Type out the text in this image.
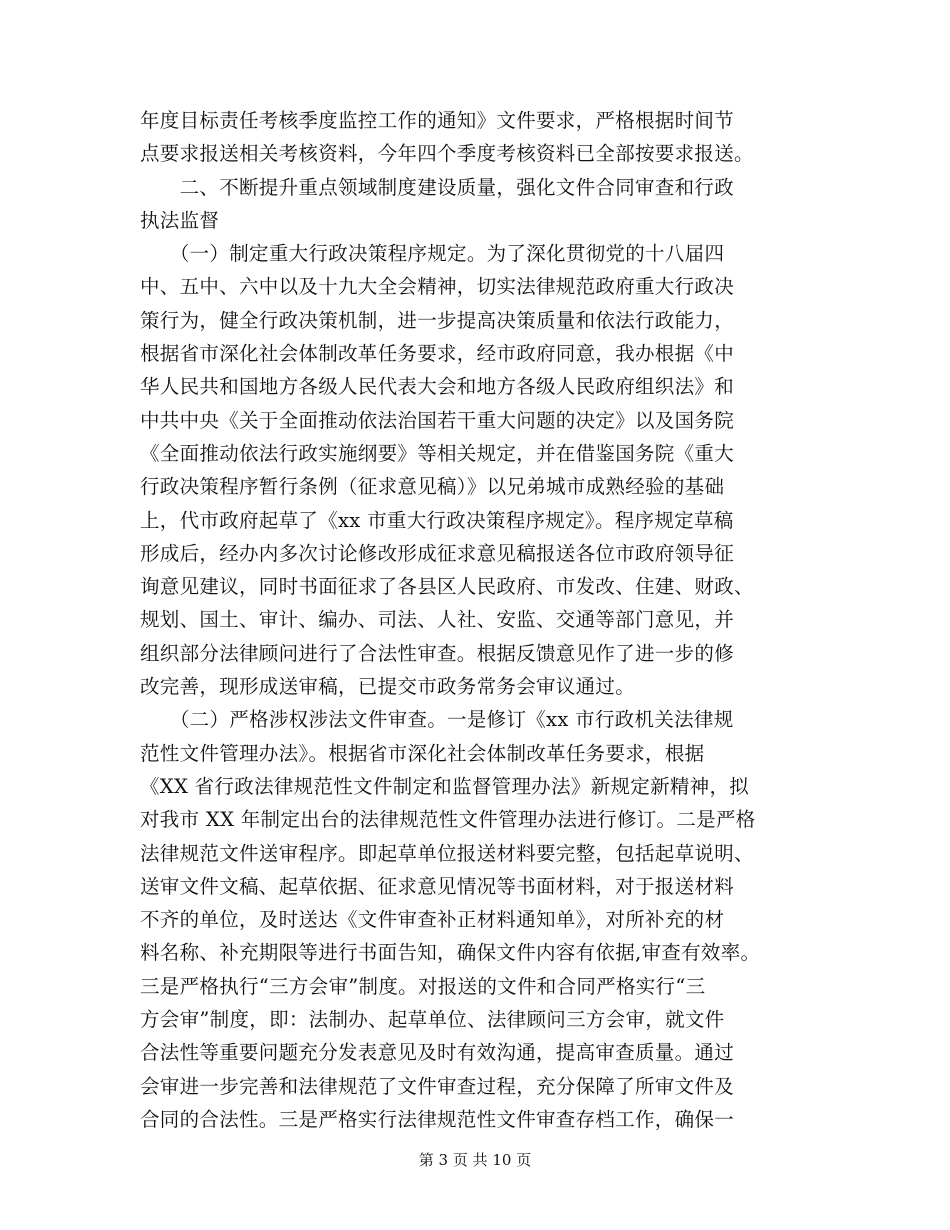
年度目标责任考核季度监控工作的通知》文件要求，严格根据时间节
点要求报送相关考核资料，今年四个季度考核资料已全部按要求报送。
　　二、不断提升重点领域制度建设质量，强化文件合同审查和行政
执法监督
　　（一）制定重大行政决策程序规定。为了深化贯彻党的十八届四
中、五中、六中以及十九大全会精神，切实法律规范政府重大行政决
策行为，健全行政决策机制，进一步提高决策质量和依法行政能力，
根据省市深化社会体制改革任务要求，经市政府同意，我办根据《中
华人民共和国地方各级人民代表大会和地方各级人民政府组织法》和
中共中央《关于全面推动依法治国若干重大问题的决定》以及国务院
《全面推动依法行政实施纲要》等相关规定，并在借鉴国务院《重大
行政决策程序暂行条例（征求意见稿）》以兄弟城市成熟经验的基础
上，代市政府起草了《xx 市重大行政决策程序规定》。程序规定草稿
形成后，经办内多次讨论修改形成征求意见稿报送各位市政府领导征
询意见建议，同时书面征求了各县区人民政府、市发改、住建、财政、
规划、国土、审计、编办、司法、人社、安监、交通等部门意见，并
组织部分法律顾问进行了合法性审查。根据反馈意见作了进一步的修
改完善，现形成送审稿，已提交市政务常务会审议通过。
　　（二）严格涉权涉法文件审查。一是修订《xx 市行政机关法律规
范性文件管理办法》。根据省市深化社会体制改革任务要求，根据
《XX 省行政法律规范性文件制定和监督管理办法》新规定新精神，拟
对我市 XX 年制定出台的法律规范性文件管理办法进行修订。二是严格
法律规范文件送审程序。即起草单位报送材料要完整，包括起草说明、
送审文件文稿、起草依据、征求意见情况等书面材料，对于报送材料
不齐的单位，及时送达《文件审查补正材料通知单》，对所补充的材
料名称、补充期限等进行书面告知，确保文件内容有依据,审查有效率。
三是严格执行“三方会审”制度。对报送的文件和合同严格实行“三
方会审”制度，即：法制办、起草单位、法律顾问三方会审，就文件
合法性等重要问题充分发表意见及时有效沟通，提高审查质量。通过
会审进一步完善和法律规范了文件审查过程，充分保障了所审文件及
合同的合法性。三是严格实行法律规范性文件审查存档工作，确保一
第 3 页 共 10 页
